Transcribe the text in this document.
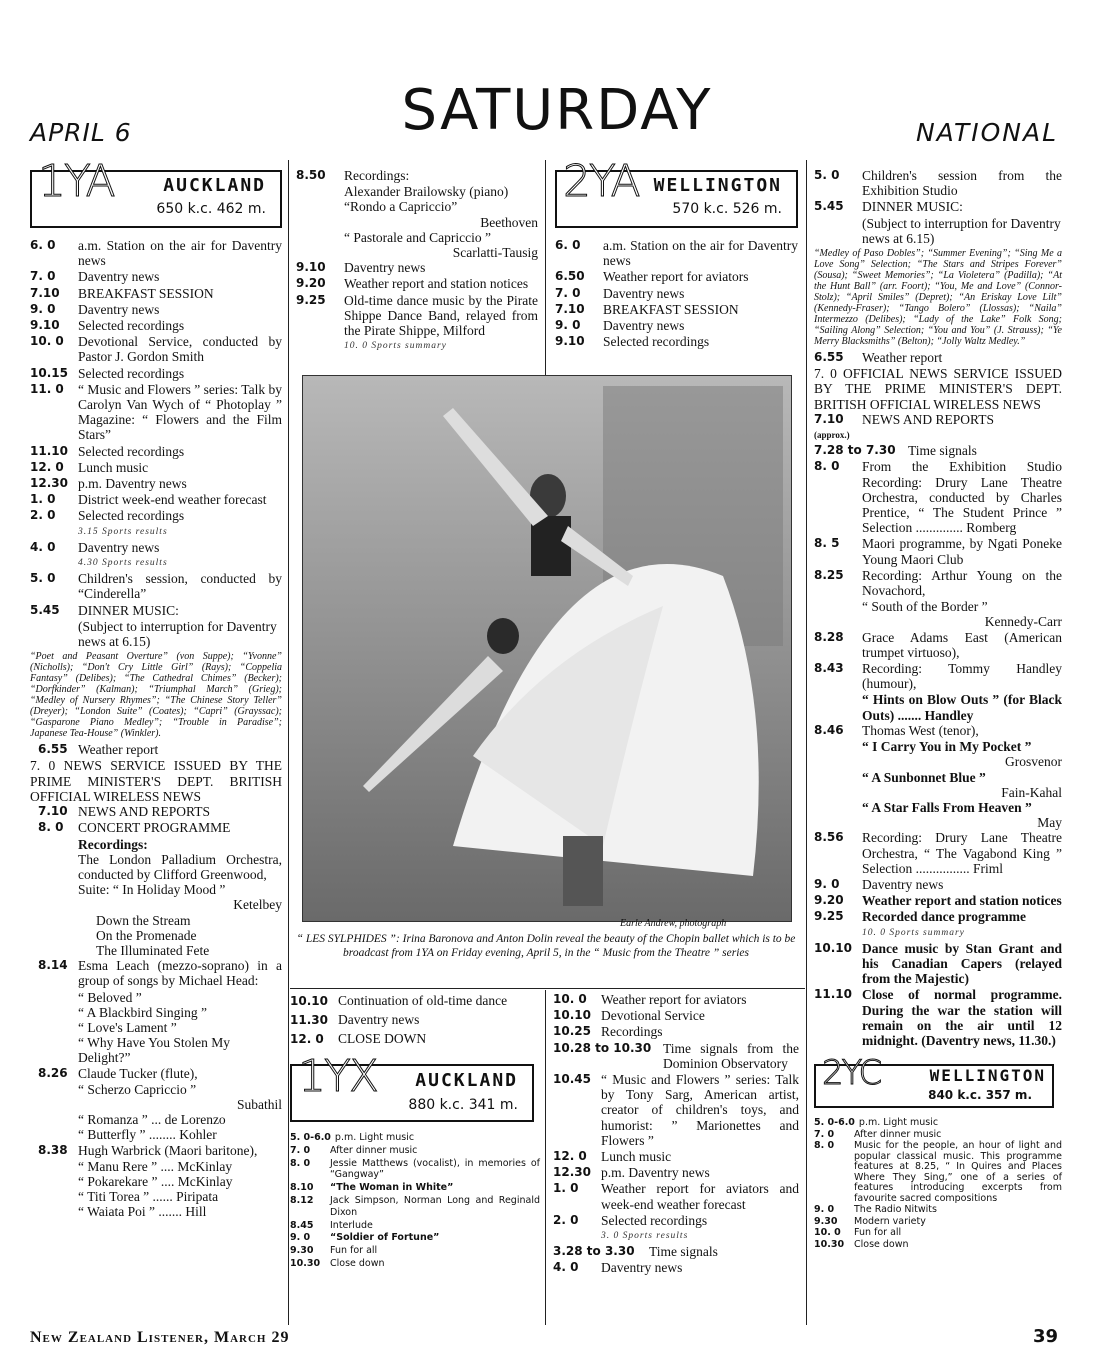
APRIL 6	SATURDAY	NATIONAL
1YA	AUCKLAND
650 k.c. 462 m.
6. 0	a.m. Station on the air for Daventry news
7. 0	Daventry news
7.10	BREAKFAST SESSION
9. 0	Daventry news
9.10	Selected recordings
10. 0	Devotional Service, conducted by Pastor J. Gordon Smith
10.15 Selected recordings
11. 0	“ Music and Flowers ” series: Talk by Carolyn Van Wych of “ Photoplay ” Magazine: “ Flowers and the Film Stars”
11.10 Selected recordings
12. 0	Lunch music
12.30 p.m. Daventry news
1. 0	District week-end weather forecast
2. 0	Selected recordings
3.15 Sports results
4. 0	Daventry news
4.30 Sports results
5. 0	Children's session, conducted by “Cinderella”
5.45	DINNER MUSIC:
(Subject to interruption for Daventry news at 6.15)
“Poet and Peasant Overture” (von Suppe); “Yvonne” (Nicholls); “Don't Cry Little Girl” (Rays); “Coppelia Fantasy” (Delibes); “The Cathedral Chimes” (Becker); “Dorfkinder” (Kalman); “Triumphal March” (Grieg); “Medley of Nursery Rhymes”; “The Chinese Story Teller” (Dreyer); “London Suite” (Coates); “Capri” (Grayssac); “Gasparone Piano Medley”; “Trouble in Paradise”; Japanese Tea-House” (Winkler).
6.55 Weather report
7. 0 NEWS SERVICE ISSUED BY THE PRIME MINISTER'S DEPT. BRITISH OFFICIAL WIRELESS NEWS
7.10 NEWS AND REPORTS
8. 0	CONCERT PROGRAMME
Recordings:
The London Palladium Orchestra, conducted by Clifford Greenwood,
Suite: “ In Holiday Mood ”
Ketelbey
Down the Stream
On the Promenade
The Illuminated Fete
8.14 Esma Leach (mezzo-soprano) in a group of songs by Michael Head:
“ Beloved ”
“ A Blackbird Singing ”
“ Love's Lament ”
“ Why Have You Stolen My Delight?”
8.26 Claude Tucker (flute),
“ Scherzo Capriccio ”
Subathil
“ Romanza ” ... de Lorenzo
“ Butterfly ” ........ Kohler
8.38 Hugh Warbrick (Maori baritone),
“ Manu Rere ” .... McKinlay
“ Pokarekare ” .... McKinlay
“ Titi Torea ” ...... Piripata
“ Waiata Poi ” ....... Hill
8.50	Recordings:
Alexander Brailowsky (piano)
“Rondo a Capriccio”
Beethoven
“ Pastorale and Capriccio ”
Scarlatti-Tausig
9.10	Daventry news
9.20	Weather report and station notices
9.25	Old-time dance music by the Pirate Shippe Dance Band, relayed from the Pirate Shippe, Milford
10. 0 Sports summary
Earle Andrew, photograph
“ LES SYLPHIDES ”: Irina Baronova and Anton Dolin reveal the beauty of the Chopin ballet which is to be broadcast from 1YA on Friday evening, April 5, in the “ Music from the Theatre ” series
10.10 Continuation of old-time dance
11.30 Daventry news
12. 0	CLOSE DOWN
1YX AUCKLAND
880 k.c. 341 m.
5. 0-6.0 p.m. Light music
7. 0	After dinner music
8. 0	Jessie Matthews (vocalist), in memories of “Gangway”
8.10	“The Woman in White”
8.12	Jack Simpson, Norman Long and Reginald Dixon
8.45	Interlude
9. 0	“Soldier of Fortune”
9.30	Fun for all
10.30	Close down
2YA WELLINGTON
570 k.c. 526 m.
6. 0	a.m. Station on the air for Daventry news
6.50	Weather report for aviators
7. 0	Daventry news
7.10	BREAKFAST SESSION
9. 0	Daventry news
9.10	Selected recordings
10. 0	Weather report for aviators
10.10 Devotional Service
10.25 Recordings
10.28 to 10.30 Time signals from the Dominion Observatory
10.45 “ Music and Flowers ” series: Talk by Tony Sarg, American artist, creator of children's toys, and humorist: ” Marionettes and Flowers ”
12. 0	Lunch music
12.30 p.m. Daventry news
1. 0	Weather report for aviators and week-end weather forecast
2. 0	Selected recordings
3. 0 Sports results
3.28 to 3.30	Time signals
4. 0	Daventry news
5. 0	Children's session from the Exhibition Studio
5.45	DINNER MUSIC:
(Subject to interruption for Daventry news at 6.15)
“Medley of Paso Dobles”; “Summer Evening”; “Sing Me a Love Song” Selection; “The Stars and Stripes Forever” (Sousa); “Sweet Memories”; “La Violetera” (Padilla); “At the Hunt Ball” (arr. Foort); “You, Me and Love” (Connor-Stolz); “April Smiles” (Depret); “An Eriskay Love Lilt” (Kennedy-Fraser); “Tango Bolero” (Llossas); “Naila” Intermezzo (Delibes); “Lady of the Lake” Folk Song; “Sailing Along” Selection; “You and You” (J. Strauss); “Ye Merry Blacksmiths” (Belton); “Jolly Waltz Medley.”
6.55	Weather report
7. 0 OFFICIAL NEWS SERVICE ISSUED BY THE PRIME MINISTER'S DEPT. BRITISH OFFICIAL WIRELESS NEWS
7.10	NEWS AND REPORTS
(approx.)
7.28 to 7.30 Time signals
8. 0	From the Exhibition Studio Recording: Drury Lane Theatre Orchestra, conducted by Charles Prentice, “ The Student Prince ” Selection .............. Romberg
8. 5	Maori programme, by Ngati Poneke Young Maori Club
8.25	Recording: Arthur Young on the Novachord,
“ South of the Border ”
Kennedy-Carr
8.28	Grace Adams East (American trumpet virtuoso),
8.43	Recording: Tommy Handley (humour),
“ Hints on Blow Outs ” (for Black Outs) ....... Handley
8.46	Thomas West (tenor),
“ I Carry You in My Pocket ”
Grosvenor
“ A Sunbonnet Blue ”
Fain-Kahal
“ A Star Falls From Heaven ”
May
8.56	Recording: Drury Lane Theatre Orchestra, “ The Vagabond King ” Selection ................ Friml
9. 0	Daventry news
9.20	Weather report and station notices
9.25	Recorded dance programme
10. 0 Sports summary
10.10 Dance music by Stan Grant and his Canadian Capers (relayed from the Majestic)
11.10 Close of normal programme. During the war the station will remain on the air until 12 midnight. (Daventry news, 11.30.)
2YC	WELLINGTON
840 k.c. 357 m.
5. 0-6.0 p.m. Light music
7. 0	After dinner music
8. 0	Music for the people, an hour of light and popular classical music. This programme features at 8.25, “ In Quires and Places Where They Sing,” one of a series of features introducing excerpts from favourite sacred compositions
9. 0	The Radio Nitwits
9.30	Modern variety
10. 0	Fun for all
10.30	Close down
New Zealand Listener, March 29	39
